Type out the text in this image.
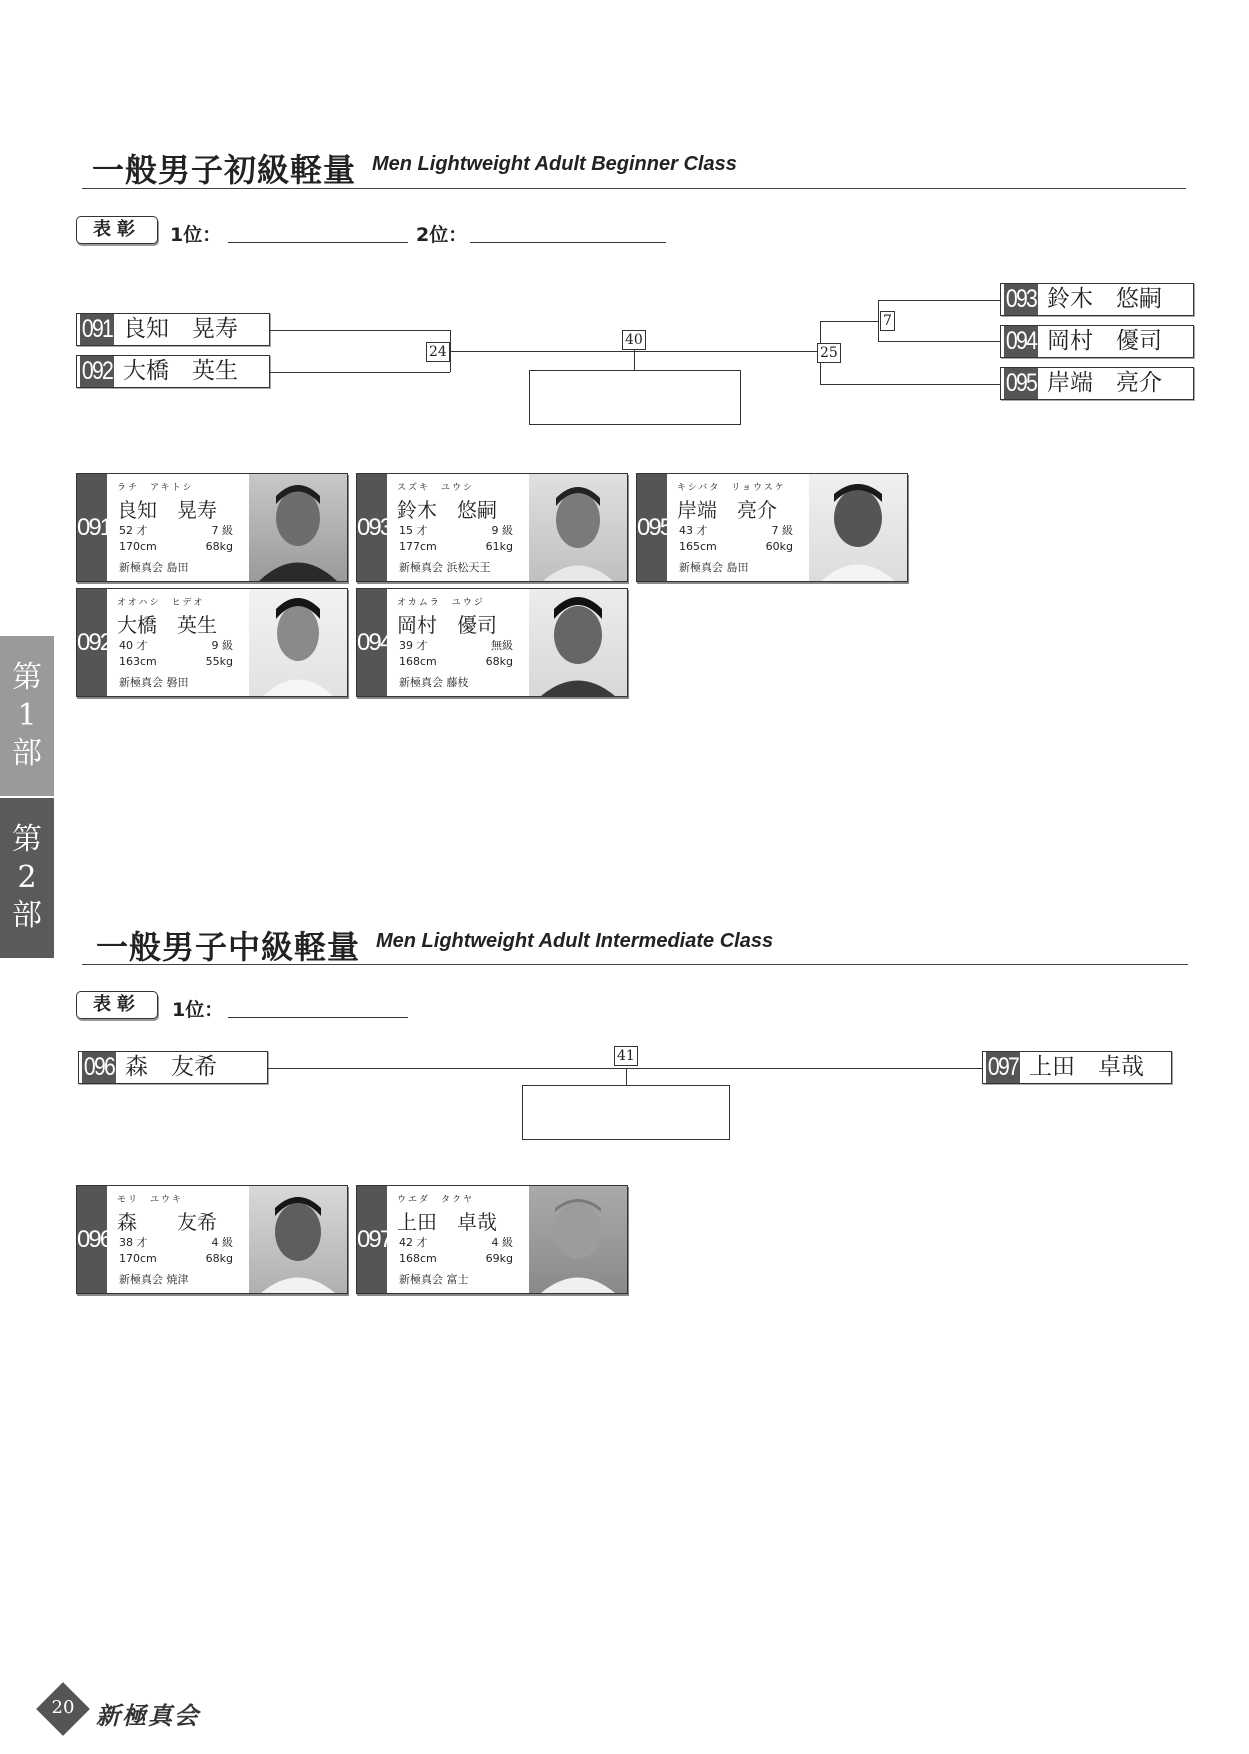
一般男子初級軽量 Men Lightweight Adult Beginner Class
表彰	1位：	2位：
091 良知　晃寿
092 大橋　英生
24
40
25
7
093 鈴木　悠嗣
094 岡村　優司
095 岸端　亮介
091
ラチ　アキトシ
良知　晃寿
52 才	7 級
170cm	68kg
新極真会 島田
093
スズキ　ユウシ
鈴木　悠嗣
15 才	9 級
177cm	61kg
新極真会 浜松天王
095
キシバタ　リョウスケ
岸端　亮介
43 才	7 級
165cm	60kg
新極真会 島田
092
オオハシ　ヒデオ
大橋　英生
40 才	9 級
163cm	55kg
新極真会 磐田
094
オカムラ　ユウジ
岡村　優司
39 才	無級
168cm	68kg
新極真会 藤枝
第
1
部
第
2
部
一般男子中級軽量 Men Lightweight Adult Intermediate Class
表彰	1位：
096 森　友希	41	097 上田　卓哉
096
モリ　ユウキ
森　　友希
38 才	4 級
170cm	68kg
新極真会 焼津
097
ウエダ　タクヤ
上田　卓哉
42 才	4 級
168cm	69kg
新極真会 富士
20 新極真会
